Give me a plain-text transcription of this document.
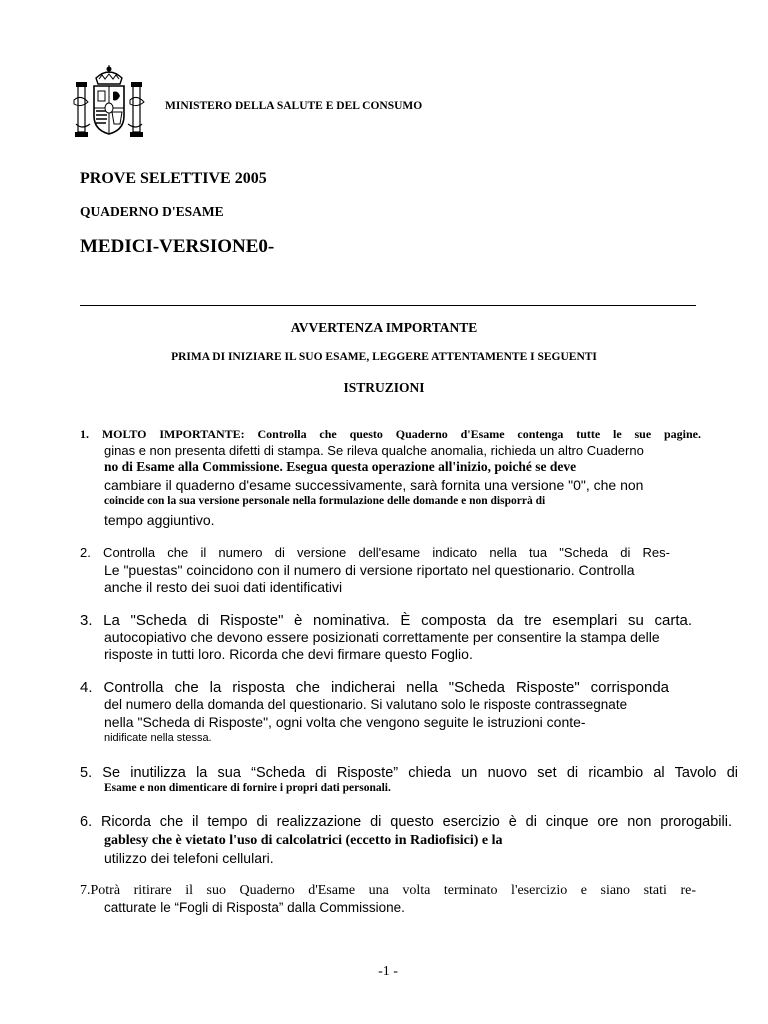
MINISTERO DELLA SALUTE E DEL CONSUMO
PROVE SELETTIVE 2005
QUADERNO D'ESAME
MEDICI-VERSIONE0-
AVVERTENZA IMPORTANTE
PRIMA DI INIZIARE IL SUO ESAME, LEGGERE ATTENTAMENTE I SEGUENTI
ISTRUZIONI
1. MOLTO IMPORTANTE: Controlla che questo Quaderno d'Esame contenga tutte le sue pagine.
ginas e non presenta difetti di stampa. Se rileva qualche anomalia, richieda un altro Cuaderno
no di Esame alla Commissione. Esegua questa operazione all'inizio, poiché se deve
cambiare il quaderno d'esame successivamente, sarà fornita una versione "0", che non
coincide con la sua versione personale nella formulazione delle domande e non disporrà di
tempo aggiuntivo.
2. Controlla che il numero di versione dell'esame indicato nella tua "Scheda di Res-
Le "puestas" coincidono con il numero di versione riportato nel questionario. Controlla
anche il resto dei suoi dati identificativi
3. La "Scheda di Risposte" è nominativa. È composta da tre esemplari su carta.
autocopiativo che devono essere posizionati correttamente per consentire la stampa delle
risposte in tutti loro. Ricorda che devi firmare questo Foglio.
4. Controlla che la risposta che indicherai nella "Scheda Risposte" corrisponda
del numero della domanda del questionario. Si valutano solo le risposte contrassegnate
nella "Scheda di Risposte", ogni volta che vengono seguite le istruzioni conte-
nidificate nella stessa.
5. Se inutilizza la sua “Scheda di Risposte” chieda un nuovo set di ricambio al Tavolo di
Esame e non dimenticare di fornire i propri dati personali.
6. Ricorda che il tempo di realizzazione di questo esercizio è di cinque ore non prorogabili.
gablesy che è vietato l'uso di calcolatrici (eccetto in Radiofisici) e la
utilizzo dei telefoni cellulari.
7.Potrà ritirare il suo Quaderno d'Esame una volta terminato l'esercizio e siano stati re-
catturate le “Fogli di Risposta” dalla Commissione.
-1 -
